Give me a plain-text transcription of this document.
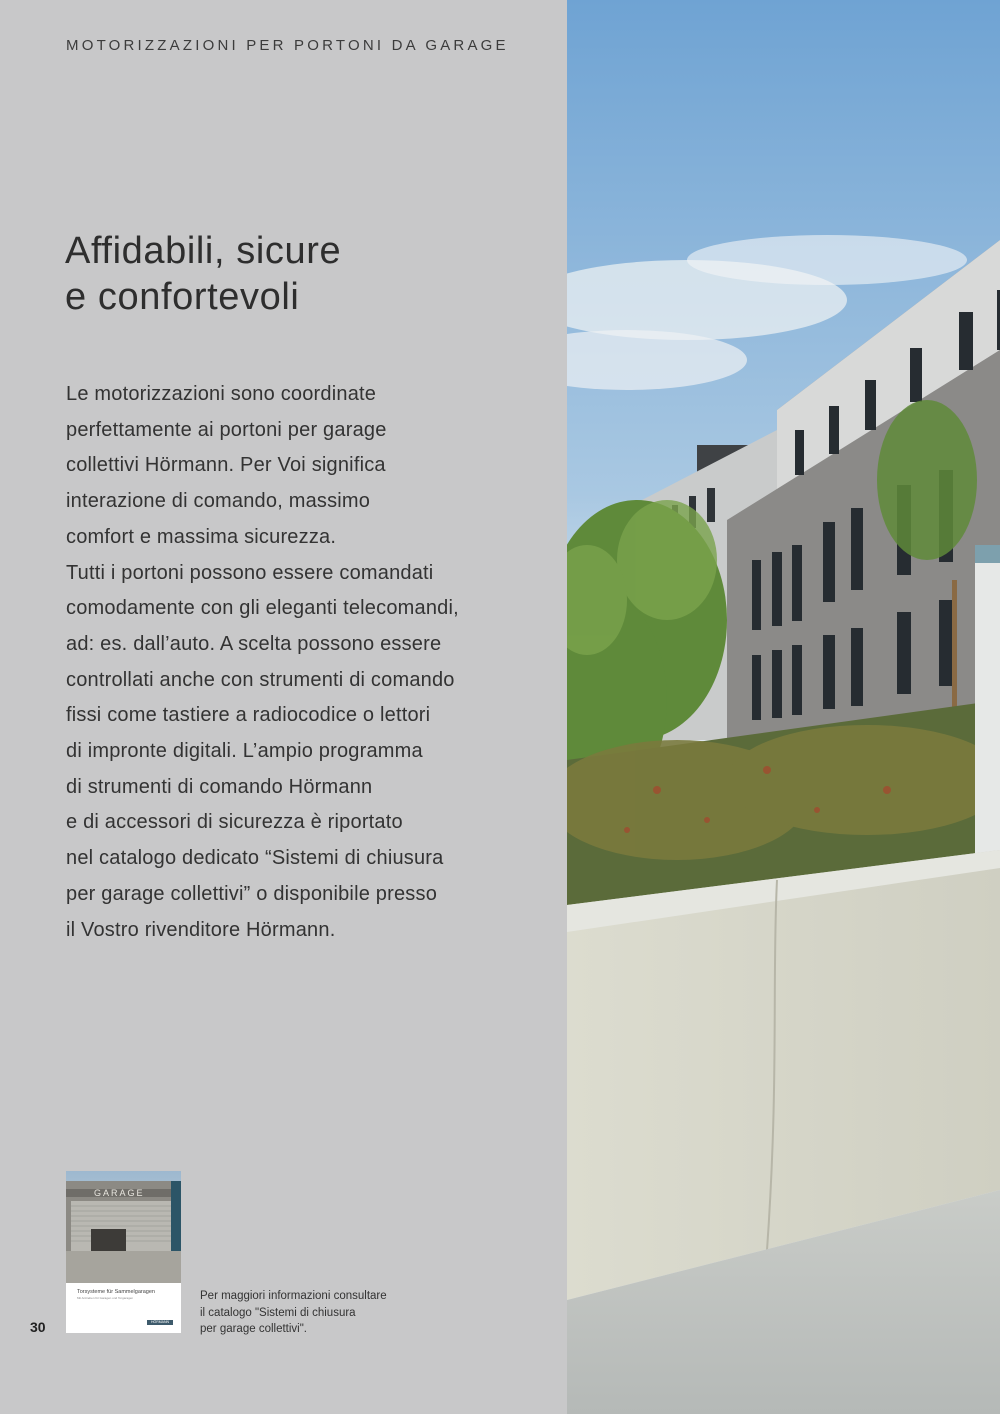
MOTORIZZAZIONI PER PORTONI DA GARAGE
Affidabili, sicure
e confortevoli
Le motorizzazioni sono coordinate
perfettamente ai portoni per garage
collettivi Hörmann. Per Voi significa
interazione di comando, massimo
comfort e massima sicurezza.
Tutti i portoni possono essere comandati
comodamente con gli eleganti telecomandi,
ad: es. dall’auto. A scelta possono essere
controllati anche con strumenti di comando
fissi come tastiere a radiocodice o lettori
di impronte digitali. L’ampio programma
di strumenti di comando Hörmann
e di accessori di sicurezza è riportato
nel catalogo dedicato “Sistemi di chiusura
per garage collettivi” o disponibile presso
il Vostro rivenditore Hörmann.
GARAGE
Torsysteme für Sammelgaragen
Mit Antrieben für Garagen und Torgaragen
HÖRMANN
Per maggiori informazioni consultare
il catalogo "Sistemi di chiusura
per garage collettivi".
30
